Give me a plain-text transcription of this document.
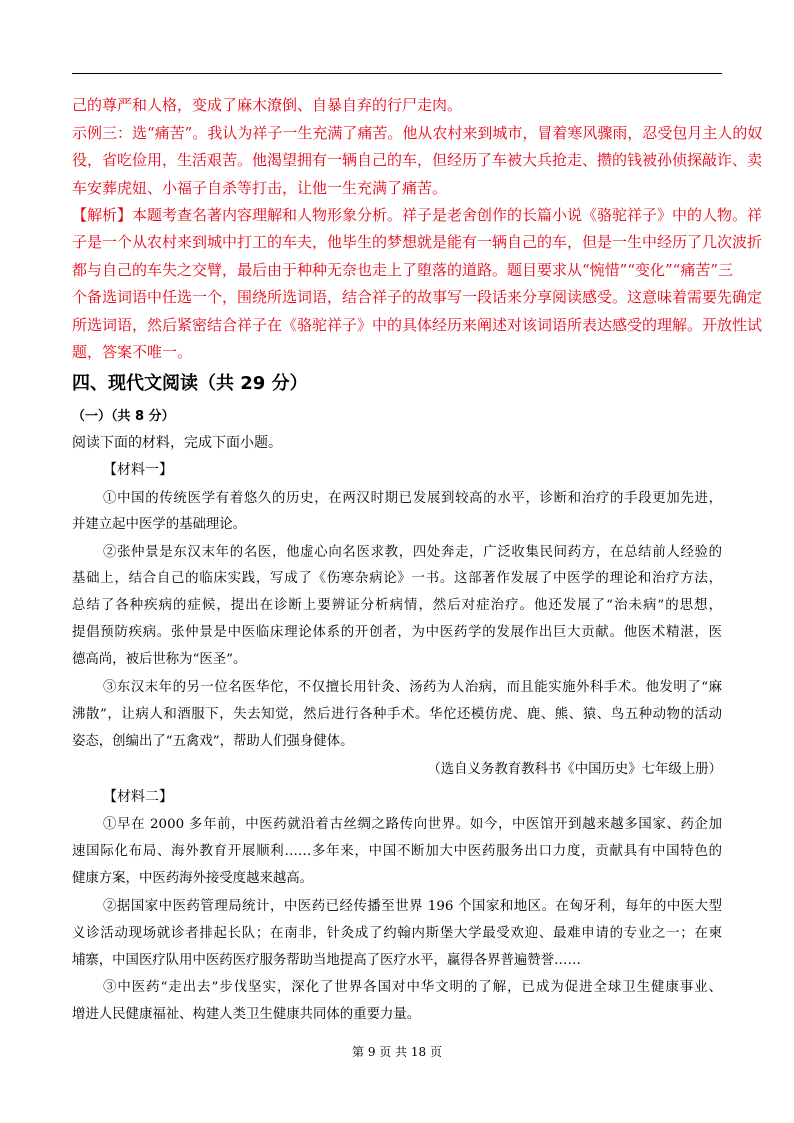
己的尊严和人格，变成了麻木潦倒、自暴自弃的行尸走肉。
示例三：选“痛苦”。我认为祥子一生充满了痛苦。他从农村来到城市，冒着寒风骤雨，忍受包月主人的奴
役，省吃俭用，生活艰苦。他渴望拥有一辆自己的车，但经历了车被大兵抢走、攒的钱被孙侦探敲诈、卖
车安葬虎妞、小福子自杀等打击，让他一生充满了痛苦。
【解析】本题考查名著内容理解和人物形象分析。祥子是老舍创作的长篇小说《骆驼祥子》中的人物。祥
子是一个从农村来到城中打工的车夫，他毕生的梦想就是能有一辆自己的车，但是一生中经历了几次波折
都与自己的车失之交臂，最后由于种种无奈也走上了堕落的道路。题目要求从“惋惜”“变化”“痛苦”三
个备选词语中任选一个，围绕所选词语，结合祥子的故事写一段话来分享阅读感受。这意味着需要先确定
所选词语，然后紧密结合祥子在《骆驼祥子》中的具体经历来阐述对该词语所表达感受的理解。开放性试
题，答案不唯一。
四、现代文阅读（共 29 分）
（一）（共 8 分）
阅读下面的材料，完成下面小题。
【材料一】
①中国的传统医学有着悠久的历史，在两汉时期已发展到较高的水平，诊断和治疗的手段更加先进，
并建立起中医学的基础理论。
②张仲景是东汉末年的名医，他虚心向名医求教，四处奔走，广泛收集民间药方，在总结前人经验的
基础上，结合自己的临床实践，写成了《伤寒杂病论》一书。这部著作发展了中医学的理论和治疗方法，
总结了各种疾病的症候，提出在诊断上要辨证分析病情，然后对症治疗。他还发展了“治未病”的思想，
提倡预防疾病。张仲景是中医临床理论体系的开创者，为中医药学的发展作出巨大贡献。他医术精湛，医
德高尚，被后世称为“医圣”。
③东汉末年的另一位名医华佗，不仅擅长用针灸、汤药为人治病，而且能实施外科手术。他发明了“麻
沸散”，让病人和酒服下，失去知觉，然后进行各种手术。华佗还模仿虎、鹿、熊、猿、鸟五种动物的活动
姿态，创编出了“五禽戏”，帮助人们强身健体。
（选自义务教育教科书《中国历史》七年级上册）
【材料二】
①早在 2000 多年前，中医药就沿着古丝绸之路传向世界。如今，中医馆开到越来越多国家、药企加
速国际化布局、海外教育开展顺利……多年来，中国不断加大中医药服务出口力度，贡献具有中国特色的
健康方案，中医药海外接受度越来越高。
②据国家中医药管理局统计，中医药已经传播至世界 196 个国家和地区。在匈牙利，每年的中医大型
义诊活动现场就诊者排起长队；在南非，针灸成了约翰内斯堡大学最受欢迎、最难申请的专业之一；在柬
埔寨，中国医疗队用中医药医疗服务帮助当地提高了医疗水平，赢得各界普遍赞誉……
③中医药“走出去”步伐坚实，深化了世界各国对中华文明的了解，已成为促进全球卫生健康事业、
增进人民健康福祉、构建人类卫生健康共同体的重要力量。
第 9 页 共 18 页
